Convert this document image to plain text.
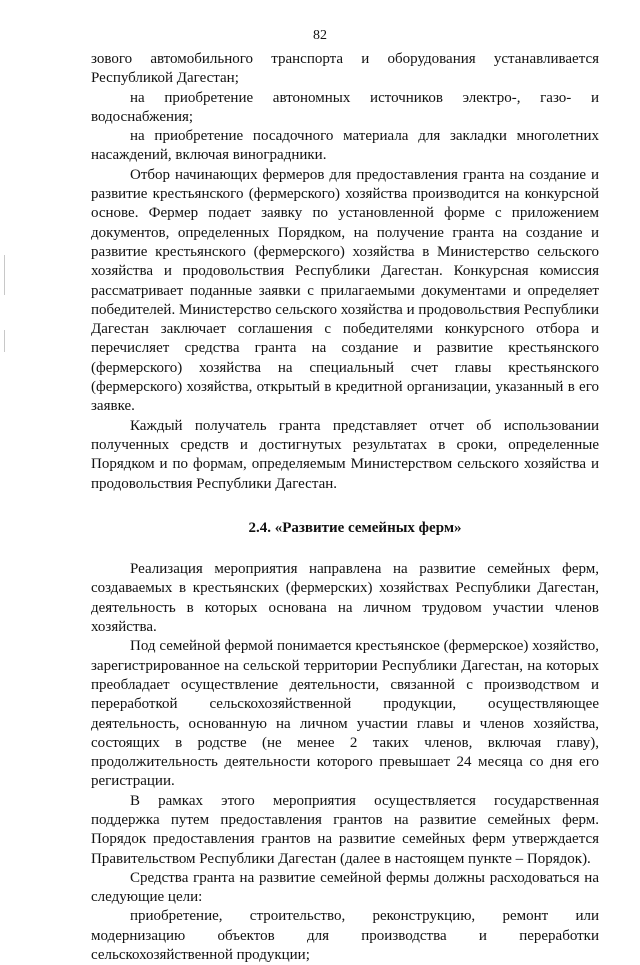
82

зового автомобильного транспорта и оборудования устанавливается Республикой Дагестан;

на приобретение автономных источников электро-, газо- и водоснабжения;

на приобретение посадочного материала для закладки многолетних насаждений, включая виноградники.

Отбор начинающих фермеров для предоставления гранта на создание и развитие крестьянского (фермерского) хозяйства производится на конкурсной основе. Фермер подает заявку по установленной форме с приложением документов, определенных Порядком, на получение гранта на создание и развитие крестьянского (фермерского) хозяйства в Министерство сельского хозяйства и продовольствия Республики Дагестан. Конкурсная комиссия рассматривает поданные заявки с прилагаемыми документами и определяет победителей. Министерство сельского хозяйства и продовольствия Республики Дагестан заключает соглашения с победителями конкурсного отбора и перечисляет средства гранта на создание и развитие крестьянского (фермерского) хозяйства на специальный счет главы крестьянского (фермерского) хозяйства, открытый в кредитной организации, указанный в его заявке.

Каждый получатель гранта представляет отчет об использовании полученных средств и достигнутых результатах в сроки, определенные Порядком и по формам, определяемым Министерством сельского хозяйства и продовольствия Республики Дагестан.

2.4. «Развитие семейных ферм»

Реализация мероприятия направлена на развитие семейных ферм, создаваемых в крестьянских (фермерских) хозяйствах Республики Дагестан, деятельность в которых основана на личном трудовом участии членов хозяйства.

Под семейной фермой понимается крестьянское (фермерское) хозяйство, зарегистрированное на сельской территории Республики Дагестан, на которых преобладает осуществление деятельности, связанной с производством и переработкой сельскохозяйственной продукции, осуществляющее деятельность, основанную на личном участии главы и членов хозяйства, состоящих в родстве (не менее 2 таких членов, включая главу), продолжительность деятельности которого превышает 24 месяца со дня его регистрации.

В рамках этого мероприятия осуществляется государственная поддержка путем предоставления грантов на развитие семейных ферм. Порядок предоставления грантов на развитие семейных ферм утверждается Правительством Республики Дагестан (далее в настоящем пункте – Порядок).

Средства гранта на развитие семейной фермы должны расходоваться на следующие цели:

приобретение, строительство, реконструкцию, ремонт или модернизацию объектов для производства и переработки сельскохозяйственной продукции;
